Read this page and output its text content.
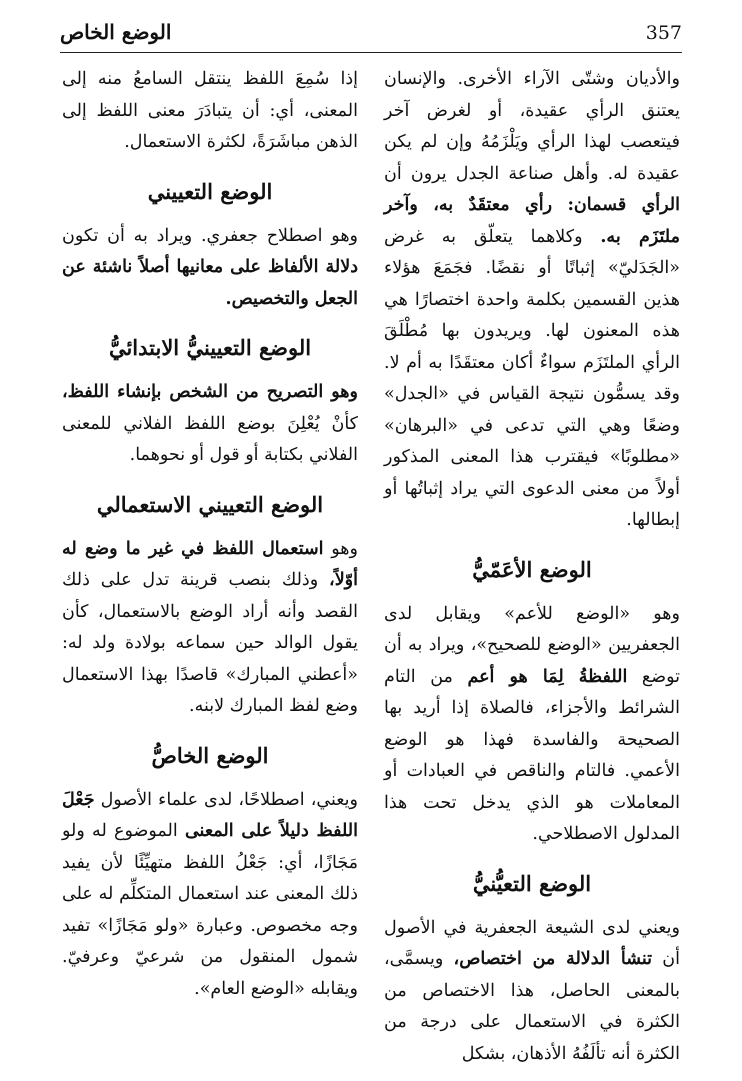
الوضع الخاص	357

والأديان وشتّى الآراء الأخرى. والإنسان يعتنق الرأي عقيدة، أو لغرض آخر فيتعصب لهذا الرأي ويَلْزَمُهُ وإن لم يكن عقيدة له. وأهل صناعة الجدل يرون أن الرأي قسمان: رأي معتقَدٌ به، وآخر ملتَزَم به. وكلاهما يتعلّق به غرض «الجَدَليّ» إثباتًا أو نقضًا. فجَمَعَ هؤلاء هذين القسمين بكلمة واحدة اختصارًا هي هذه المعنون لها. ويريدون بها مُطْلَقَ الرأي الملتَزَم سواءٌ أكان معتقَدًا به أم لا. وقد يسمُّون نتيجة القياس في «الجدل» وضعًا وهي التي تدعى في «البرهان» «مطلوبًا» فيقترب هذا المعنى المذكور أولاً من معنى الدعوى التي يراد إثباتُها أو إبطالها.

الوضع الأعَمّيُّ

وهو «الوضع للأعم» ويقابل لدى الجعفريين «الوضع للصحيح»، ويراد به أن توضع اللفظةُ لِمَا هو أعم من التام الشرائط والأجزاء، فالصلاة إذا أريد بها الصحيحة والفاسدة فهذا هو الوضع الأعمي. فالتام والناقص في العبادات أو المعاملات هو الذي يدخل تحت هذا المدلول الاصطلاحي.

الوضع التعيُّنيُّ

ويعني لدى الشيعة الجعفرية في الأصول أن تنشأ الدلالة من اختصاص، ويسمَّى، بالمعنى الحاصل، هذا الاختصاص من الكثرة في الاستعمال على درجة من الكثرة أنه تألَفُهُ الأذهان، بشكل

إذا سُمِعَ اللفظ ينتقل السامعُ منه إلى المعنى، أي: أن يتبادَرَ معنى اللفظ إلى الذهن مباشَرَةً، لكثرة الاستعمال.

الوضع التعييني

وهو اصطلاح جعفري. ويراد به أن تكون دلالة الألفاظ على معانيها أصلاً ناشئة عن الجعل والتخصيص.

الوضع التعيينيُّ الابتدائيُّ

وهو التصريح من الشخص بإنشاء اللفظ، كأنْ يُعْلِنَ بوضع اللفظ الفلاني للمعنى الفلاني بكتابة أو قول أو نحوهما.

الوضع التعييني الاستعمالي

وهو استعمال اللفظ في غير ما وضع له أوّلاً، وذلك بنصب قرينة تدل على ذلك القصد وأنه أراد الوضع بالاستعمال، كأن يقول الوالد حين سماعه بولادة ولد له: «أعطني المبارك» قاصدًا بهذا الاستعمال وضع لفظ المبارك لابنه.

الوضع الخاصُّ

ويعني، اصطلاحًا، لدى علماء الأصول جَعْلَ اللفظ دليلاً على المعنى الموضوع له ولو مَجَازًا، أي: جَعْلُ اللفظ متهيِّئًا لأن يفيد ذلك المعنى عند استعمال المتكلِّم له على وجه مخصوص. وعبارة «ولو مَجَازًا» تفيد شمول المنقول من شرعيّ وعرفيّ. ويقابله «الوضع العام».
